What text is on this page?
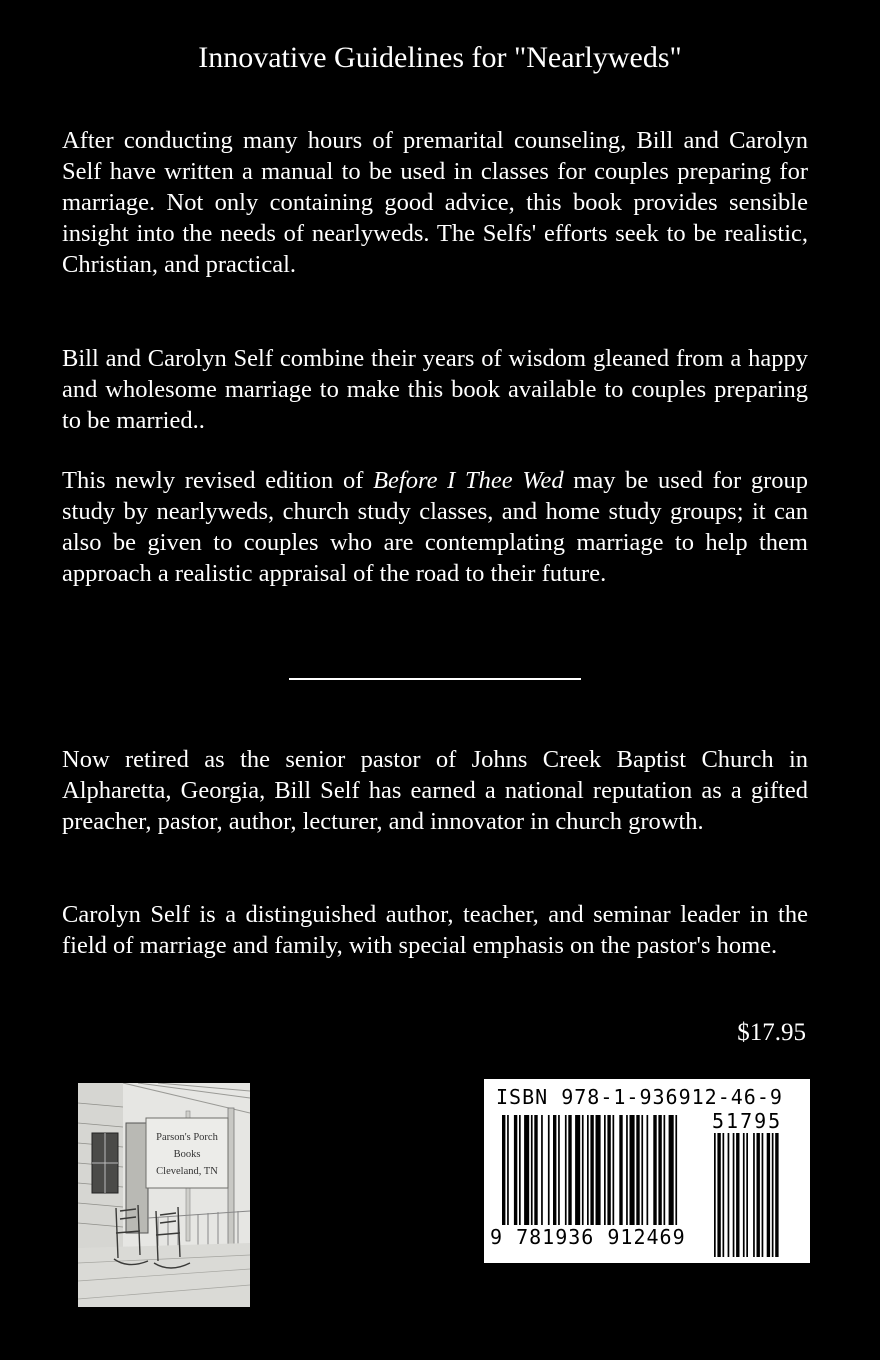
Innovative Guidelines for "Nearlyweds"
After conducting many hours of premarital counseling, Bill and Carolyn Self have written a manual to be used in classes for couples preparing for marriage. Not only containing good advice, this book provides sensible insight into the needs of nearlyweds. The Selfs' efforts seek to be realistic, Christian, and practical.
Bill and Carolyn Self combine their years of wisdom gleaned from a happy and wholesome marriage to make this book available to couples preparing to be married..
This newly revised edition of Before I Thee Wed may be used for group study by nearlyweds, church study classes, and home study groups; it can also be given to couples who are contemplating marriage to help them approach a realistic appraisal of the road to their future.
Now retired as the senior pastor of Johns Creek Baptist Church in Alpharetta, Georgia, Bill Self has earned a national reputation as a gifted preacher, pastor, author, lecturer, and innovator in church growth.
Carolyn Self is a distinguished author, teacher, and seminar leader in the field of marriage and family, with special emphasis on the pastor's home.
$17.95
Parson's Porch
Books
Cleveland, TN
ISBN 978-1-936912-46-9
51795
9 781936 912469
